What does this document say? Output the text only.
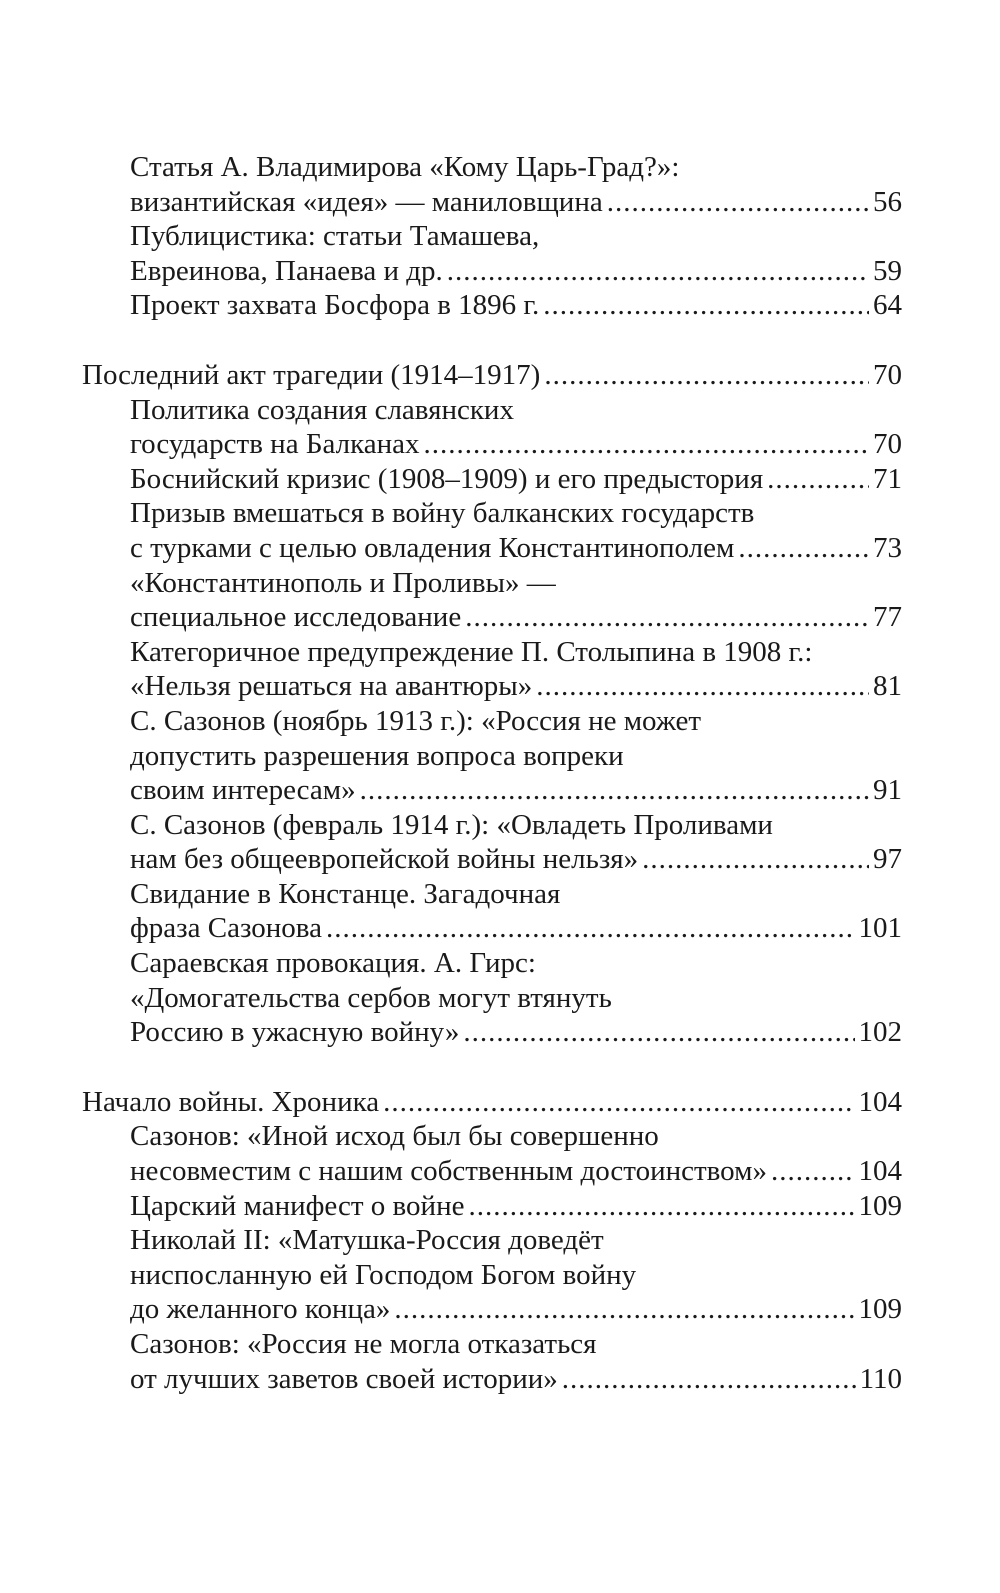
Статья А. Владимирова «Кому Царь-Град?»:
византийская «идея» — маниловщина .....	56
Публицистика: статьи Тамашева,
Евреинова, Панаева и др. .....	59
Проект захвата Босфора в 1896 г. .....	64
Последний акт трагедии (1914–1917) .....	70
Политика создания славянских
государств на Балканах .....	70
Боснийский кризис (1908–1909) и его предыстория .....	71
Призыв вмешаться в войну балканских государств
с турками с целью овладения Константинополем .....	73
«Константинополь и Проливы» —
специальное исследование .....	77
Категоричное предупреждение П. Столыпина в 1908 г.:
«Нельзя решаться на авантюры» .....	81
С. Сазонов (ноябрь 1913 г.): «Россия не может
допустить разрешения вопроса вопреки
своим интересам» .....	91
С. Сазонов (февраль 1914 г.): «Овладеть Проливами
нам без общеевропейской войны нельзя» .....	97
Свидание в Констанце. Загадочная
фраза Сазонова .....	101
Сараевская провокация. А. Гирс:
«Домогательства сербов могут втянуть
Россию в ужасную войну» .....	102
Начало войны. Хроника .....	104
Сазонов: «Иной исход был бы совершенно
несовместим с нашим собственным достоинством» .....	104
Царский манифест о войне .....	109
Николай II: «Матушка-Россия доведёт
ниспосланную ей Господом Богом войну
до желанного конца» .....	109
Сазонов: «Россия не могла отказаться
от лучших заветов своей истории» .....	110
